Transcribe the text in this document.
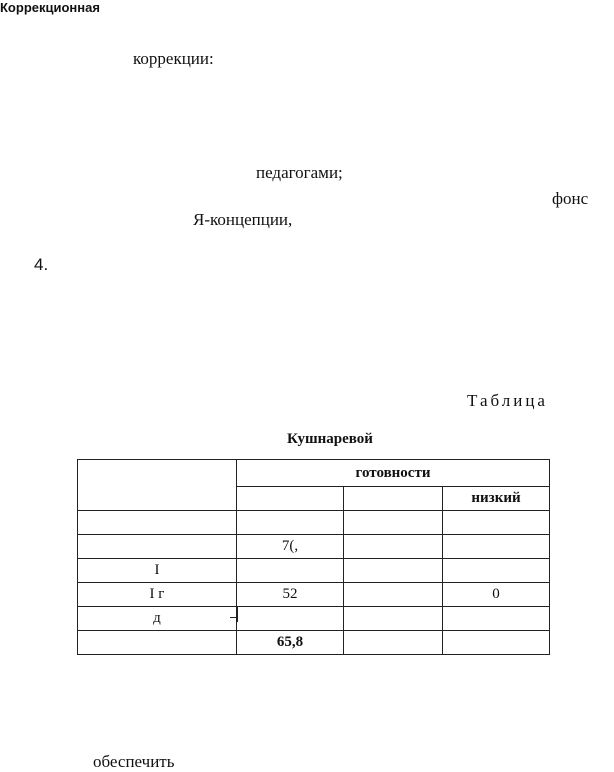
Коррекционная
коррекции:
педагогами;
фонс
Я-концепции,
4.
Таблица
Кушнаревой
	готовности		
			низкий

	7(,		
I			
I г	52		0
д			
	65,8		
обеспечить
